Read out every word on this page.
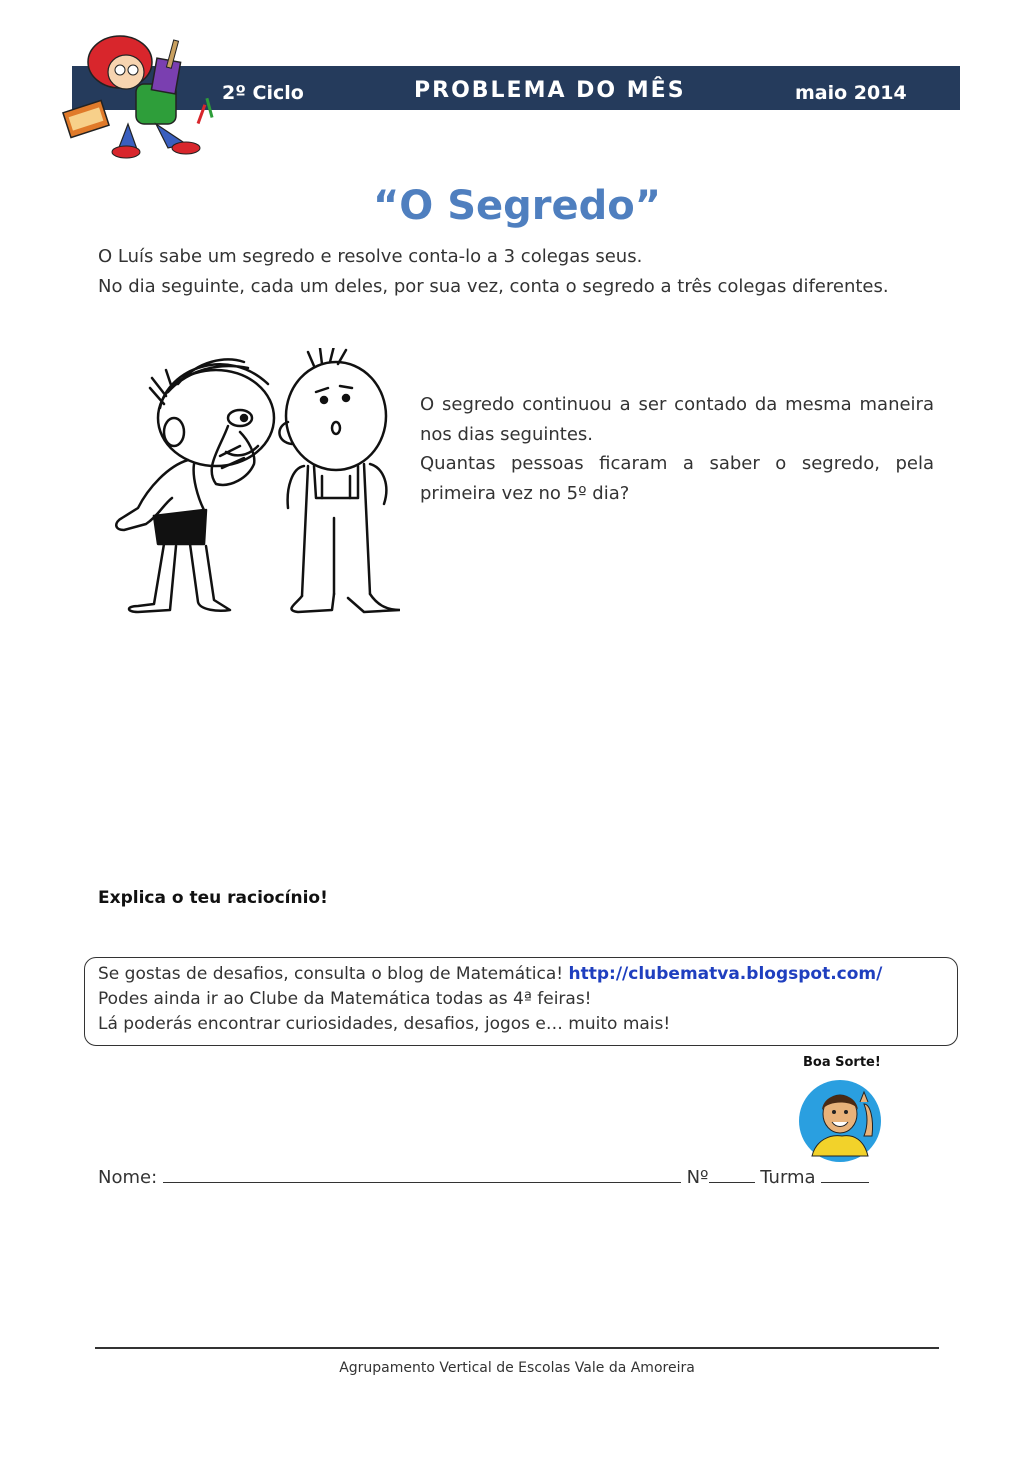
2º Ciclo	PROBLEMA DO MÊS	maio 2014
“O Segredo”
O Luís sabe um segredo e resolve conta-lo a 3 colegas seus.
No dia seguinte, cada um deles, por sua vez, conta o segredo a três colegas diferentes.
O segredo continuou a ser contado da mesma maneira nos dias seguintes.
Quantas pessoas ficaram a saber o segredo, pela primeira vez no 5º dia?
Explica o teu raciocínio!
Se gostas de desafios, consulta o blog de Matemática! http://clubematva.blogspot.com/
Podes ainda ir ao Clube da Matemática todas as 4ª feiras!
Lá poderás encontrar curiosidades, desafios, jogos e… muito mais!
Boa Sorte!
Nome:	Nº	Turma
Agrupamento Vertical de Escolas Vale da Amoreira
